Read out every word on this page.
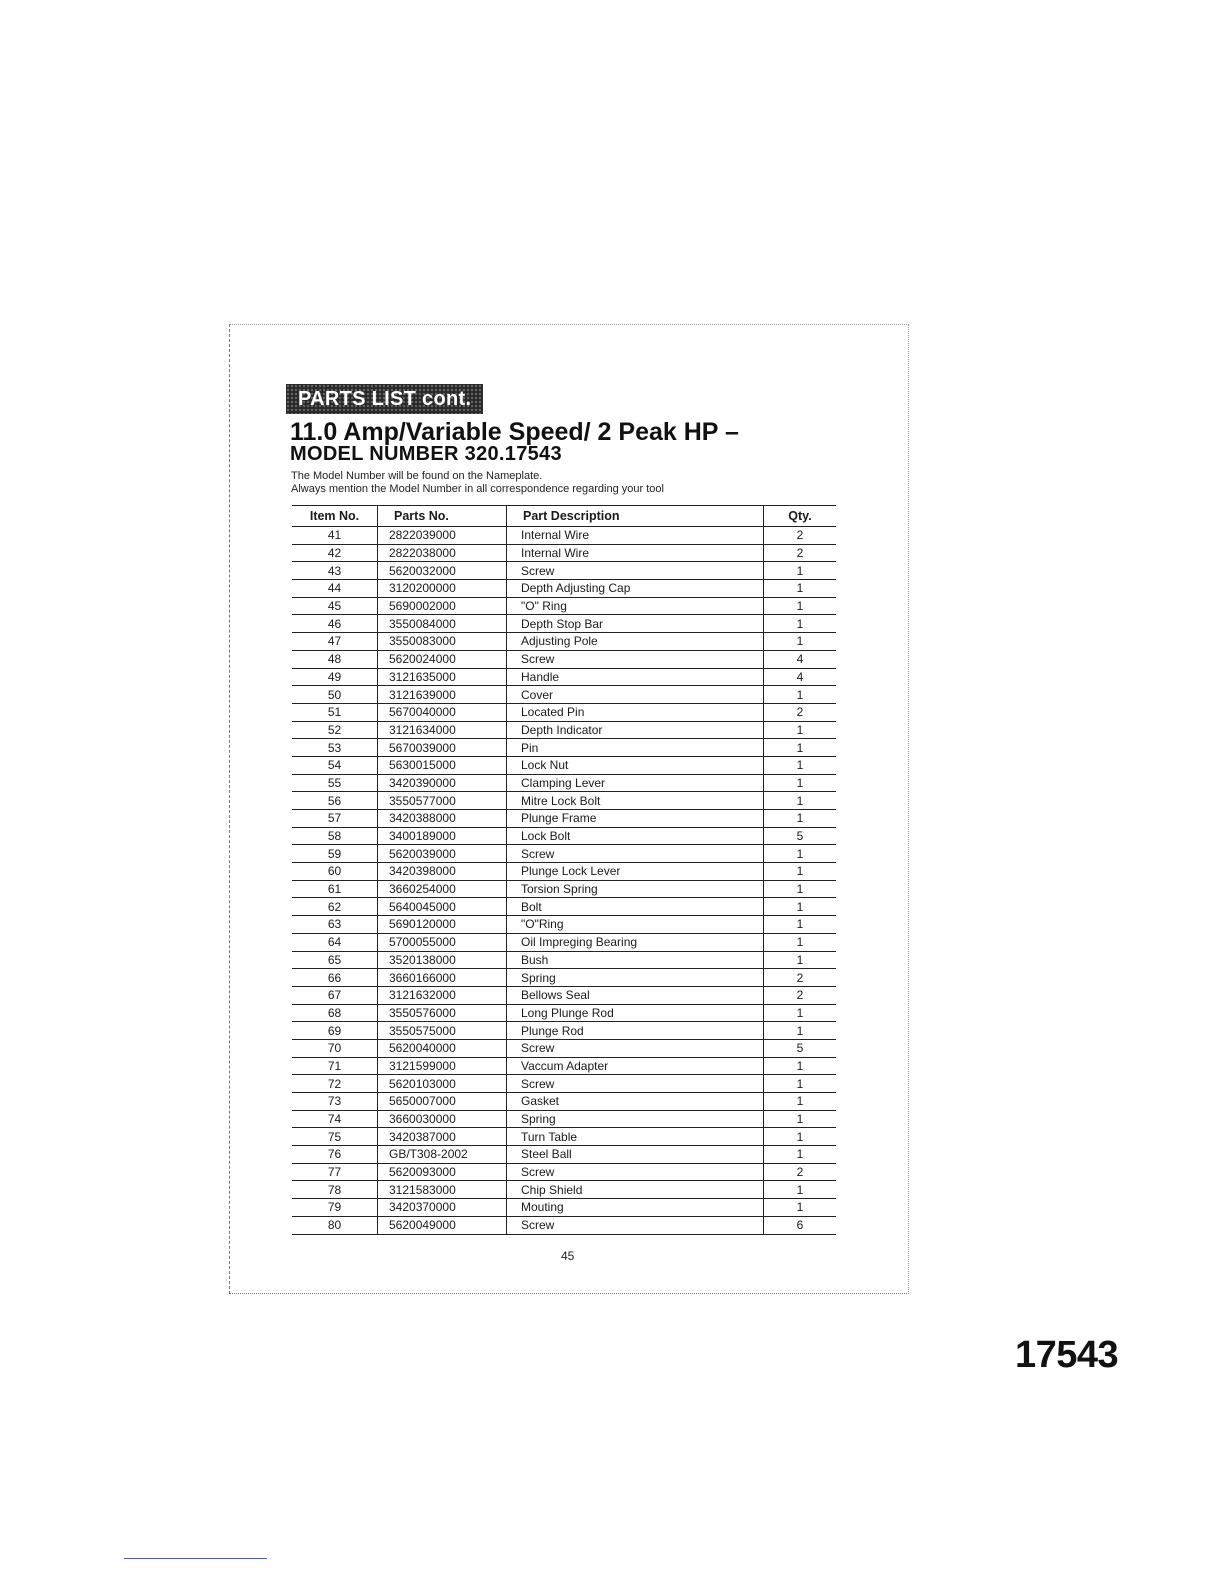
PARTS LIST cont.
11.0 Amp/Variable Speed/ 2 Peak HP –
MODEL NUMBER 320.17543
The Model Number will be found on the Nameplate.
Always mention the Model Number in all correspondence regarding your tool
Item No.	Parts No.	Part Description	Qty.
41	2822039000	Internal Wire	2
42	2822038000	Internal Wire	2
43	5620032000	Screw	1
44	3120200000	Depth Adjusting Cap	1
45	5690002000	"O" Ring	1
46	3550084000	Depth Stop Bar	1
47	3550083000	Adjusting Pole	1
48	5620024000	Screw	4
49	3121635000	Handle	4
50	3121639000	Cover	1
51	5670040000	Located Pin	2
52	3121634000	Depth Indicator	1
53	5670039000	Pin	1
54	5630015000	Lock Nut	1
55	3420390000	Clamping Lever	1
56	3550577000	Mitre Lock Bolt	1
57	3420388000	Plunge Frame	1
58	3400189000	Lock Bolt	5
59	5620039000	Screw	1
60	3420398000	Plunge Lock Lever	1
61	3660254000	Torsion Spring	1
62	5640045000	Bolt	1
63	5690120000	"O"Ring	1
64	5700055000	Oil Impreging Bearing	1
65	3520138000	Bush	1
66	3660166000	Spring	2
67	3121632000	Bellows Seal	2
68	3550576000	Long Plunge Rod	1
69	3550575000	Plunge Rod	1
70	5620040000	Screw	5
71	3121599000	Vaccum Adapter	1
72	5620103000	Screw	1
73	5650007000	Gasket	1
74	3660030000	Spring	1
75	3420387000	Turn Table	1
76	GB/T308-2002	Steel Ball	1
77	5620093000	Screw	2
78	3121583000	Chip Shield	1
79	3420370000	Mouting	1
80	5620049000	Screw	6
45
17543
